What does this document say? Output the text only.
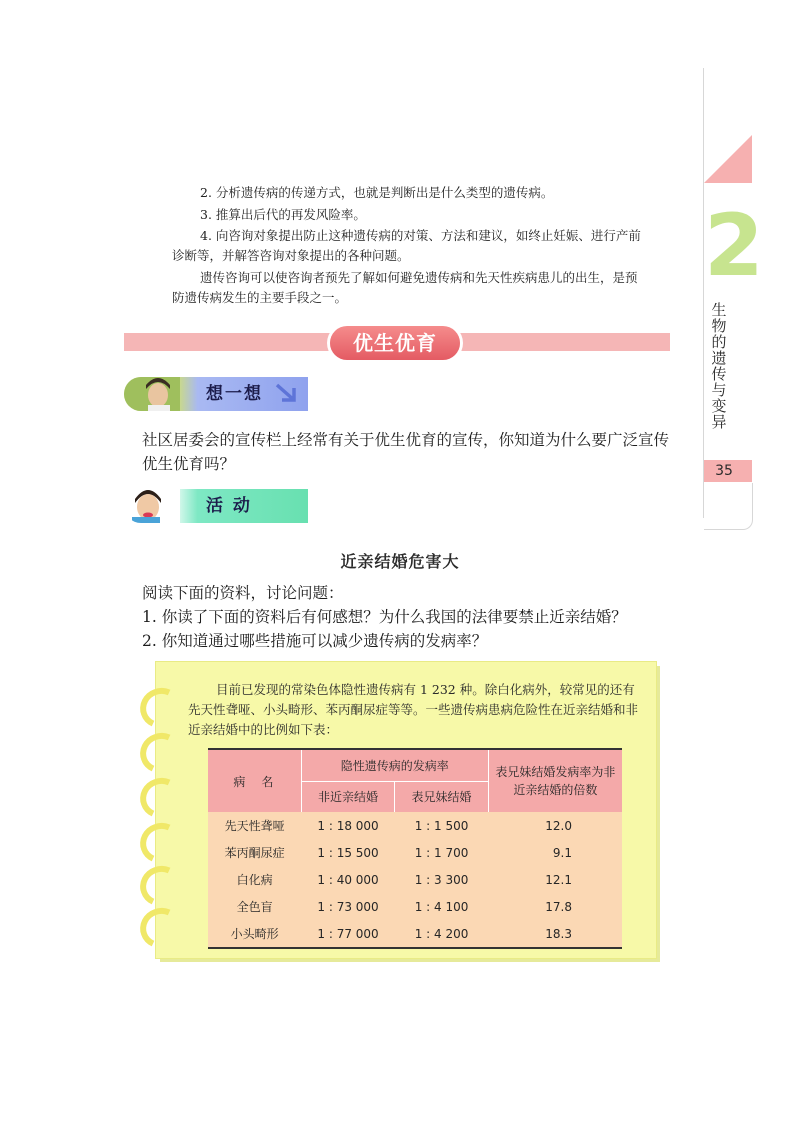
2. 分析遗传病的传递方式，也就是判断出是什么类型的遗传病。
3. 推算出后代的再发风险率。
4. 向咨询对象提出防止这种遗传病的对策、方法和建议，如终止妊娠、进行产前诊断等，并解答咨询对象提出的各种问题。
遗传咨询可以使咨询者预先了解如何避免遗传病和先天性疾病患儿的出生，是预防遗传病发生的主要手段之一。
优生优育
想一想
社区居委会的宣传栏上经常有关于优生优育的宣传，你知道为什么要广泛宣传优生优育吗？
活 动
近亲结婚危害大
阅读下面的资料，讨论问题：
1. 你读了下面的资料后有何感想？为什么我国的法律要禁止近亲结婚？
2. 你知道通过哪些措施可以减少遗传病的发病率？
目前已发现的常染色体隐性遗传病有 1 232 种。除白化病外，较常见的还有先天性聋哑、小头畸形、苯丙酮尿症等等。一些遗传病患病危险性在近亲结婚和非近亲结婚中的比例如下表：
病　名	隐性遗传病的发病率		表兄妹结婚发病率为非近亲结婚的倍数
	非近亲结婚	表兄妹结婚	
先天性聋哑	1 : 18 000	1 : 1 500	12.0
苯丙酮尿症	1 : 15 500	1 : 1 700	9.1
白化病	1 : 40 000	1 : 3 300	12.1
全色盲	1 : 73 000	1 : 4 100	17.8
小头畸形	1 : 77 000	1 : 4 200	18.3
2
生物的遗传与变异
35
